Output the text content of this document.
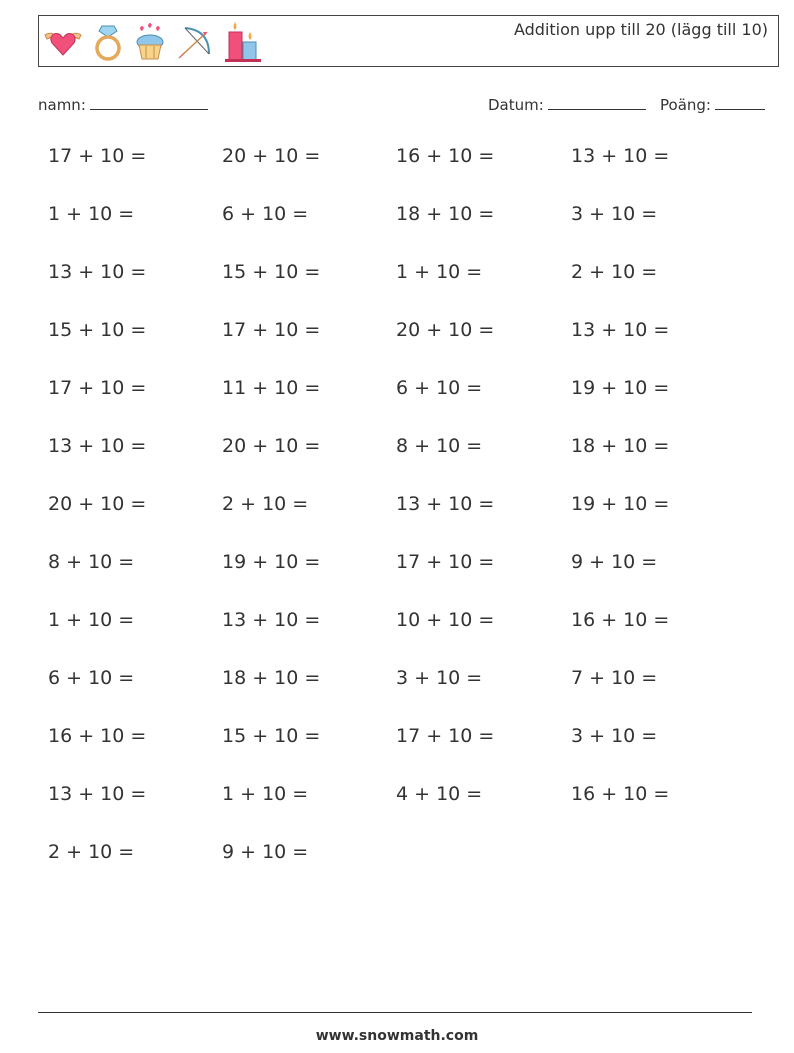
Addition upp till 20 (lägg till 10)
namn:	Datum:	Poäng:
17 + 10 =	20 + 10 =	16 + 10 =	13 + 10 =
1 + 10 =	6 + 10 =	18 + 10 =	3 + 10 =
13 + 10 =	15 + 10 =	1 + 10 =	2 + 10 =
15 + 10 =	17 + 10 =	20 + 10 =	13 + 10 =
17 + 10 =	11 + 10 =	6 + 10 =	19 + 10 =
13 + 10 =	20 + 10 =	8 + 10 =	18 + 10 =
20 + 10 =	2 + 10 =	13 + 10 =	19 + 10 =
8 + 10 =	19 + 10 =	17 + 10 =	9 + 10 =
1 + 10 =	13 + 10 =	10 + 10 =	16 + 10 =
6 + 10 =	18 + 10 =	3 + 10 =	7 + 10 =
16 + 10 =	15 + 10 =	17 + 10 =	3 + 10 =
13 + 10 =	1 + 10 =	4 + 10 =	16 + 10 =
2 + 10 =	9 + 10 =
www.snowmath.com
